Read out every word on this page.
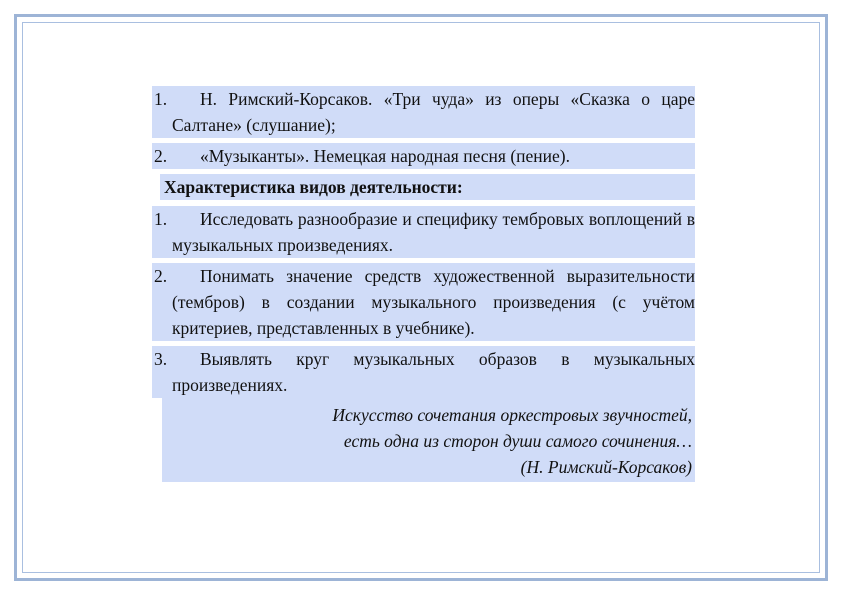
1. Н. Римский-Корсаков. «Три чуда» из оперы «Сказка о царе Салтане» (слушание);
2. «Музыканты». Немецкая народная песня (пение).
Характеристика видов деятельности:
1. Исследовать разнообразие и специфику тембровых воплощений в музыкальных произведениях.
2. Понимать значение средств художественной выразительности (тембров) в создании музыкального произведения (с учётом критериев, представленных в учебнике).
3. Выявлять круг музыкальных образов в музыкальных произведениях.
Искусство сочетания оркестровых звучностей,
есть одна из сторон души самого сочинения…
(Н. Римский-Корсаков)
